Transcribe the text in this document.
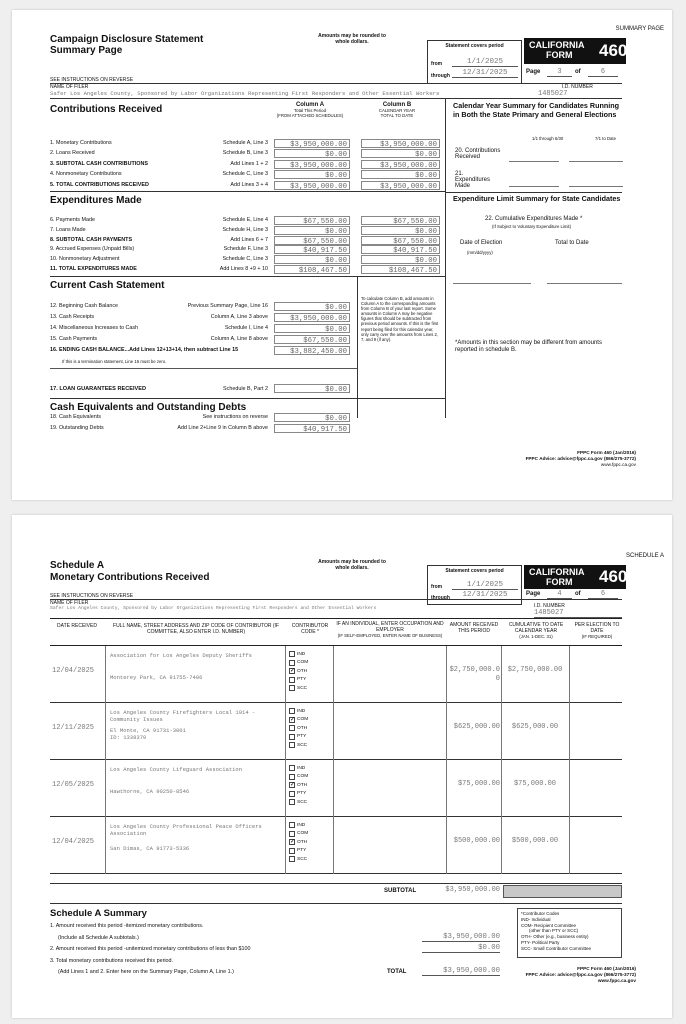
SUMMARY PAGE
Campaign Disclosure Statement
Summary Page
Amounts may be rounded to whole dollars.
Statement covers period
from	1/1/2025
through	12/31/2025
CALIFORNIA
FORM 460
Page	3	of	6
SEE INSTRUCTIONS ON REVERSE
NAME OF FILER	I.D. NUMBER
Safer Los Angeles County, Sponsored by Labor Organizations Representing First Responders and Other Essential Workers	1485027
Contributions Received	Column A
Total This Period
(FROM ATTACHED SCHEDULES)
Column B
CALENDAR YEAR
TOTAL TO DATE
1. Monetary Contributions	Schedule A, Line 3	$3,950,000.00	$3,950,000.00
2. Loans Received	Schedule B, Line 3	$0.00	$0.00
3. SUBTOTAL CASH CONTRIBUTIONS	Add Lines 1 + 2	$3,950,000.00	$3,950,000.00
4. Nonmonetary Contributions	Schedule C, Line 3	$0.00	$0.00
5. TOTAL CONTRIBUTIONS RECEIVED	Add Lines 3 + 4	$3,950,000.00	$3,950,000.00
Expenditures Made
6. Payments Made	Schedule E, Line 4	$67,550.00	$67,550.00
7. Loans Made	Schedule H, Line 3	$0.00	$0.00
8. SUBTOTAL CASH PAYMENTS	Add Lines 6 + 7	$67,550.00	$67,550.00
9. Accrued Expenses (Unpaid Bills)	Schedule F, Line 3	$40,917.50	$40,917.50
10. Nonmonetary Adjustment	Schedule C, Line 3	$0.00	$0.00
11. TOTAL EXPENDITURES MADE	Add Lines 8 +9 + 10	$108,467.50	$108,467.50
Current Cash Statement
12. Beginning Cash Balance	Previous Summary Page, Line 16	$0.00
13. Cash Receipts	Column A, Line 3 above	$3,950,000.00
14. Miscellaneous Increases to Cash	Schedule I, Line 4	$0.00
15. Cash Payments	Column A, Line 8 above	$67,550.00
16. ENDING CASH BALANCE...Add Lines 12+13+14, then subtract Line 15	$3,882,450.00
If this is a termination statement, Line 16 must be zero.
To calculate Column B, add amounts in Column A to the corresponding amounts from Column B of your last report. Some amounts in Column A may be negative figures that should be subtracted from previous period amounts. If this is the first report being filed for this calendar year, only carry over the amounts from Lines 2, 7, and 9 (if any).
17. LOAN GUARANTEES RECEIVED	Schedule B, Part 2	$0.00
Cash Equivalents and Outstanding Debts
18. Cash Equivalents	See instructions on reverse	$0.00
19. Outstanding Debts	Add Line 2+Line 9 in Column B above	$40,917.50
Calendar Year Summary for Candidates Running in Both the State Primary and General Elections
1/1 through 6/30	7/1 to Date
20. Contributions Received
21. Expenditures Made
Expenditure Limit Summary for State Candidates
22. Cumulative Expenditures Made *
(If Subject to Voluntary Expenditure Limit)
Date of Election	Total to Date
(mm/dd/yyyy)
*Amounts in this section may be different from amounts reported in schedule B.
FPPC Form 460 (Jan/2016)
FPPC Advice: advice@fppc.ca.gov (866/275-3772)
www.fppc.ca.gov
SCHEDULE A
Schedule A
Monetary Contributions Received
Amounts may be rounded to whole dollars.	Statement covers period
from	1/1/2025
through	12/31/2025
CALIFORNIA
FORM 460
Page	4	of	6
SEE INSTRUCTIONS ON REVERSE
NAME OF FILER	I.D. NUMBER
Safer Los Angeles County, Sponsored by Labor Organizations Representing First Responders and Other Essential Workers
1485027
DATE RECEIVED	FULL NAME, STREET ADDRESS AND ZIP CODE OF CONTRIBUTOR (IF COMMITTEE, ALSO ENTER I.D. NUMBER)
CONTRIBUTOR CODE *
IF AN INDIVIDUAL, ENTER OCCUPATION AND EMPLOYER
(IF SELF-EMPLOYED, ENTER NAME OF BUSINESS)
AMOUNT RECEIVED THIS PERIOD
CUMULATIVE TO DATE CALENDAR YEAR
(JAN. 1-DEC. 31)
PER ELECTION TO DATE
(IF REQUIRED)
12/04/2025
Association for Los Angeles Deputy Sheriffs
Monterey Park, CA 91755-7406
IND
COM
✓ OTH
PTY
SCC
$2,750,000.00
$2,750,000.00
12/11/2025
Los Angeles County Firefighters Local 1014 - Community Issues
El Monte, CA 91731-3001
ID: 1338370
IND
✓ COM
OTH
PTY
SCC
$625,000.00	$625,000.00
12/05/2025
Los Angeles County Lifeguard Association
Hawthorne, CA 90250-8546
IND
COM
✓ OTH
PTY
SCC
$75,000.00	$75,000.00
12/04/2025
Los Angeles County Professional Peace Officers Association
San Dimas, CA 91773-5336
IND
COM
✓ OTH
PTY
SCC
$500,000.00	$500,000.00
SUBTOTAL	$3,950,000.00
Schedule A Summary
1. Amount received this period -itemized monetary contributions.
(Include all Schedule A subtotals.)	$3,950,000.00
2. Amount received this period -unitemized monetary contributions of less than $100	$0.00
3. Total monetary contributions received this period.
(Add Lines 1 and 2. Enter here on the Summary Page, Column A, Line 1.)	TOTAL	$3,950,000.00
*Contributor Codes
IND- Individual
COM- Recipient Committee
(other than PTY or SCC)
OTH- Other (e.g., business entity)
PTY- Political Party
SCC- Small Contributor Committee
FPPC Form 460 (Jan/2016)
FPPC Advice: advice@fppc.ca.gov (866/275-3772)
www.fppc.ca.gov
